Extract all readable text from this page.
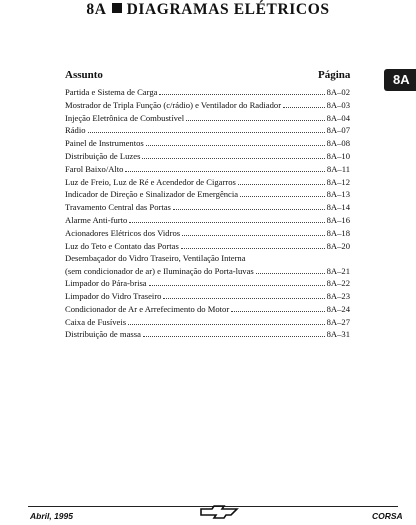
8A DIAGRAMAS ELÉTRICOS
8A
Assunto	Página
Partida e Sistema de Carga	8A–02
Mostrador de Tripla Função (c/rádio) e Ventilador do Radiador	8A–03
Injeção Eletrônica de Combustível	8A–04
Rádio	8A–07
Painel de Instrumentos	8A–08
Distribuição de Luzes	8A–10
Farol Baixo/Alto	8A–11
Luz de Freio, Luz de Ré e Acendedor de Cigarros	8A–12
Indicador de Direção e Sinalizador de Emergência	8A–13
Travamento Central das Portas	8A–14
Alarme Anti-furto	8A–16
Acionadores Elétricos dos Vidros	8A–18
Luz do Teto e Contato das Portas	8A–20
Desembaçador do Vidro Traseiro, Ventilação Interna
(sem condicionador de ar) e Iluminação do Porta-luvas	8A–21
Limpador do Pára-brisa	8A–22
Limpador do Vidro Traseiro	8A–23
Condicionador de Ar e Arrefecimento do Motor	8A–24
Caixa de Fusíveis	8A–27
Distribuição de massa	8A–31
Abril, 1995	CORSA
